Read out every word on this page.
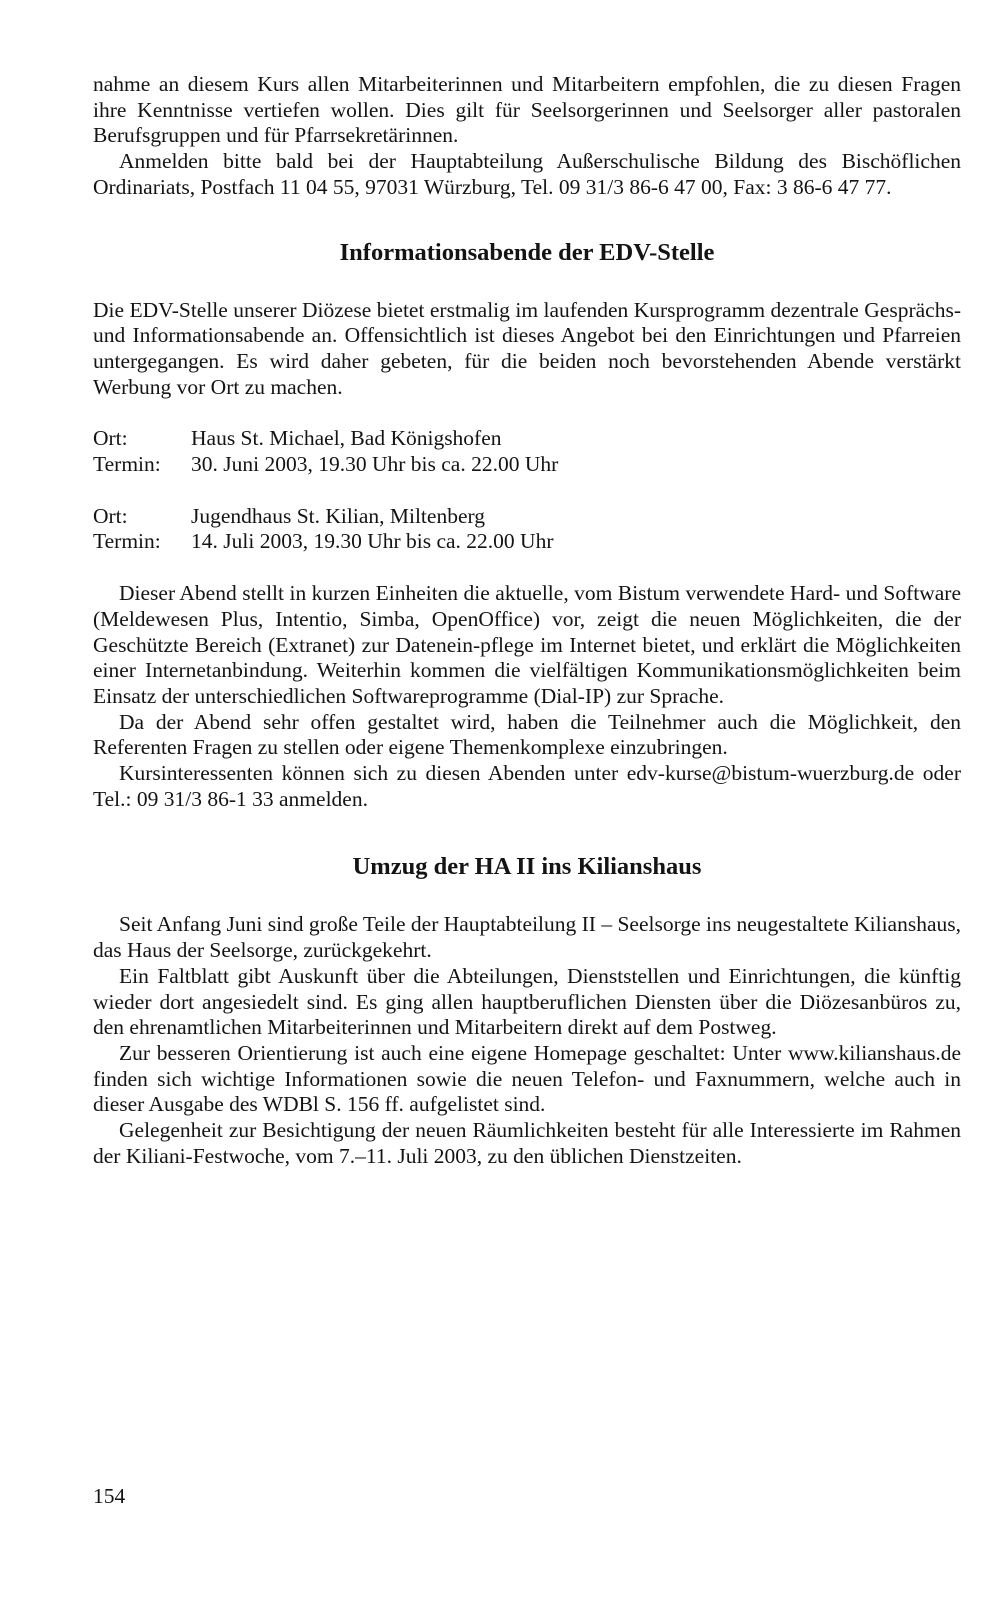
nahme an diesem Kurs allen Mitarbeiterinnen und Mitarbeitern empfohlen, die zu diesen Fragen ihre Kenntnisse vertiefen wollen. Dies gilt für Seelsorgerinnen und Seelsorger aller pastoralen Berufsgruppen und für Pfarrsekretärinnen.

Anmelden bitte bald bei der Hauptabteilung Außerschulische Bildung des Bischöflichen Ordinariats, Postfach 11 04 55, 97031 Würzburg, Tel. 09 31/3 86-6 47 00, Fax: 3 86-6 47 77.

Informationsabende der EDV-Stelle

Die EDV-Stelle unserer Diözese bietet erstmalig im laufenden Kursprogramm dezentrale Gesprächs- und Informationsabende an. Offensichtlich ist dieses Angebot bei den Einrichtungen und Pfarreien untergegangen. Es wird daher gebeten, für die beiden noch bevorstehenden Abende verstärkt Werbung vor Ort zu machen.

Ort:	Haus St. Michael, Bad Königshofen
Termin:	30. Juni 2003, 19.30 Uhr bis ca. 22.00 Uhr
Ort:	Jugendhaus St. Kilian, Miltenberg
Termin:	14. Juli 2003, 19.30 Uhr bis ca. 22.00 Uhr

Dieser Abend stellt in kurzen Einheiten die aktuelle, vom Bistum verwendete Hard- und Software (Meldewesen Plus, Intentio, Simba, OpenOffice) vor, zeigt die neuen Möglichkeiten, die der Geschützte Bereich (Extranet) zur Datenein-pflege im Internet bietet, und erklärt die Möglichkeiten einer Internetanbindung. Weiterhin kommen die vielfältigen Kommunikationsmöglichkeiten beim Einsatz der unterschiedlichen Softwareprogramme (Dial-IP) zur Sprache.

Da der Abend sehr offen gestaltet wird, haben die Teilnehmer auch die Möglichkeit, den Referenten Fragen zu stellen oder eigene Themenkomplexe einzubringen.

Kursinteressenten können sich zu diesen Abenden unter edv-kurse@bistum-wuerzburg.de oder Tel.: 09 31/3 86-1 33 anmelden.

Umzug der HA II ins Kilianshaus

Seit Anfang Juni sind große Teile der Hauptabteilung II – Seelsorge ins neugestaltete Kilianshaus, das Haus der Seelsorge, zurückgekehrt.

Ein Faltblatt gibt Auskunft über die Abteilungen, Dienststellen und Einrichtungen, die künftig wieder dort angesiedelt sind. Es ging allen hauptberuflichen Diensten über die Diözesanbüros zu, den ehrenamtlichen Mitarbeiterinnen und Mitarbeitern direkt auf dem Postweg.

Zur besseren Orientierung ist auch eine eigene Homepage geschaltet: Unter www.kilianshaus.de finden sich wichtige Informationen sowie die neuen Telefon- und Faxnummern, welche auch in dieser Ausgabe des WDBl S. 156 ff. aufgelistet sind.

Gelegenheit zur Besichtigung der neuen Räumlichkeiten besteht für alle Interessierte im Rahmen der Kiliani-Festwoche, vom 7.–11. Juli 2003, zu den üblichen Dienstzeiten.

154
